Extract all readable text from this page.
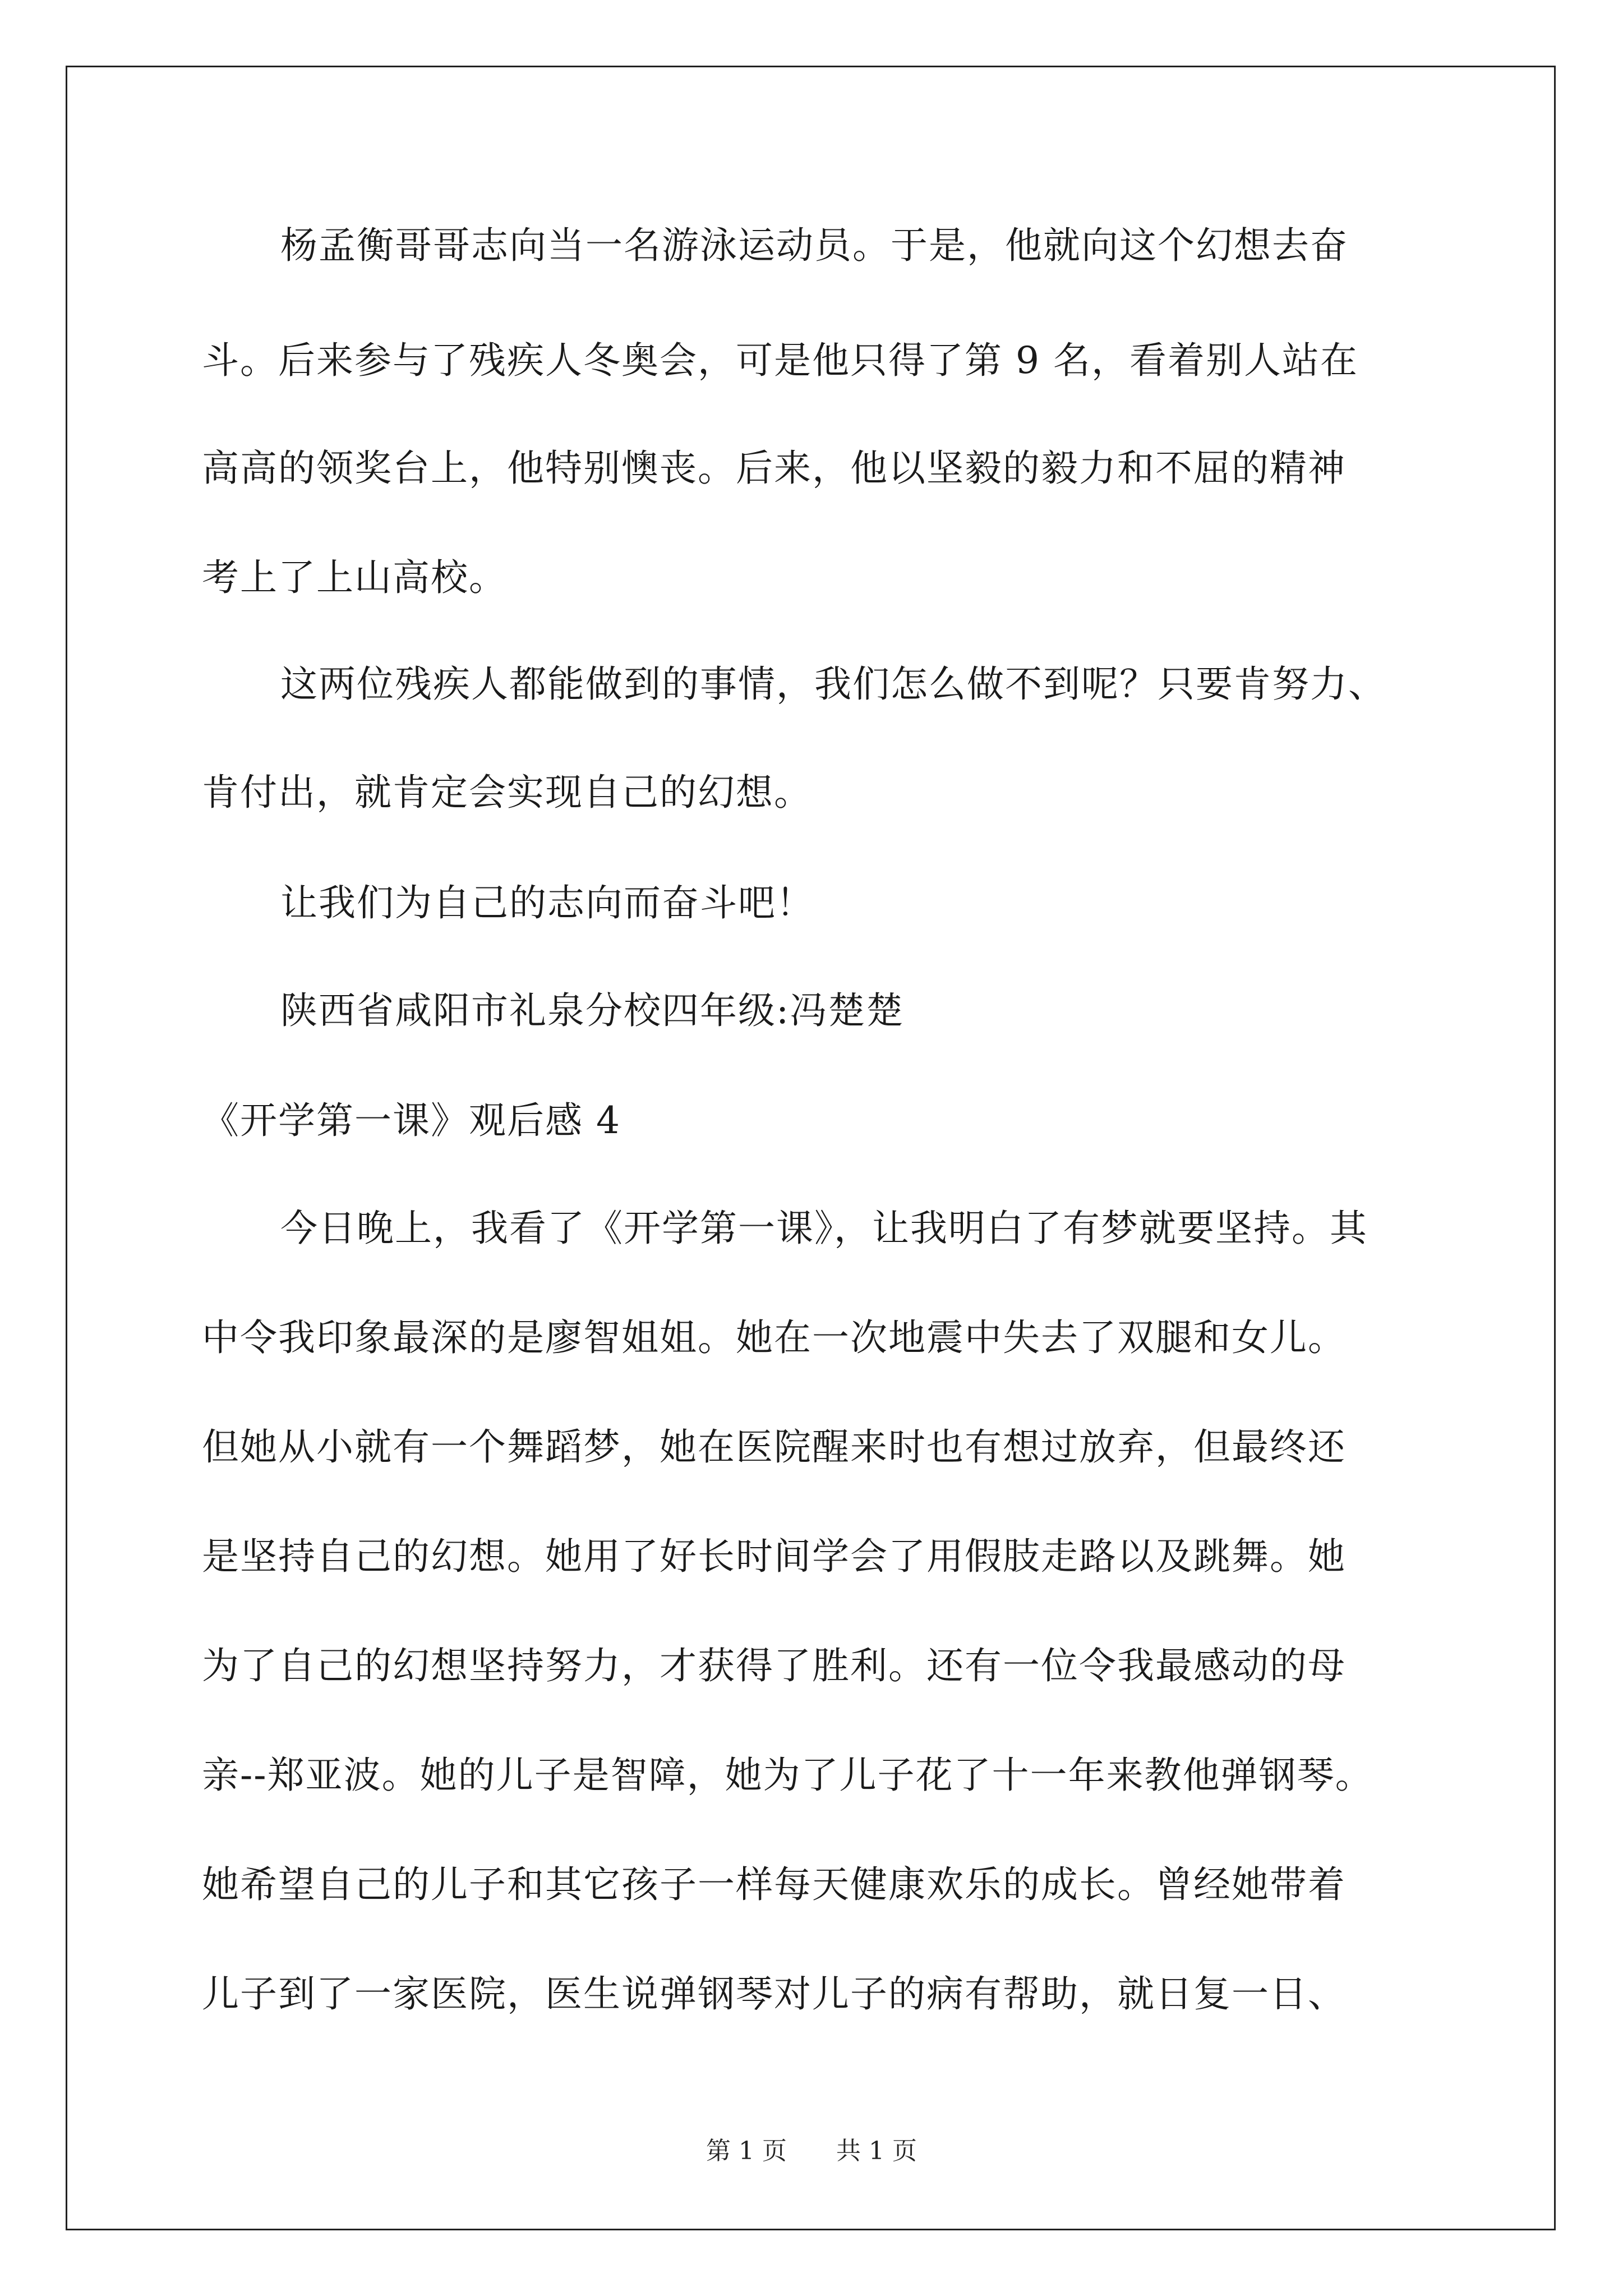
杨孟衡哥哥志向当一名游泳运动员。于是，他就向这个幻想去奋
斗。后来参与了残疾人冬奥会，可是他只得了第 9 名，看着别人站在
高高的领奖台上，他特别懊丧。后来，他以坚毅的毅力和不屈的精神
考上了上山高校。
这两位残疾人都能做到的事情，我们怎么做不到呢？只要肯努力、
肯付出，就肯定会实现自己的幻想。
让我们为自己的志向而奋斗吧！
陕西省咸阳市礼泉分校四年级:冯楚楚
《开学第一课》观后感 4
今日晚上，我看了《开学第一课》，让我明白了有梦就要坚持。其
中令我印象最深的是廖智姐姐。她在一次地震中失去了双腿和女儿。
但她从小就有一个舞蹈梦，她在医院醒来时也有想过放弃，但最终还
是坚持自己的幻想。她用了好长时间学会了用假肢走路以及跳舞。她
为了自己的幻想坚持努力，才获得了胜利。还有一位令我最感动的母
亲--郑亚波。她的儿子是智障，她为了儿子花了十一年来教他弹钢琴。
她希望自己的儿子和其它孩子一样每天健康欢乐的成长。曾经她带着
儿子到了一家医院，医生说弹钢琴对儿子的病有帮助，就日复一日、
第 1 页 共 1 页
